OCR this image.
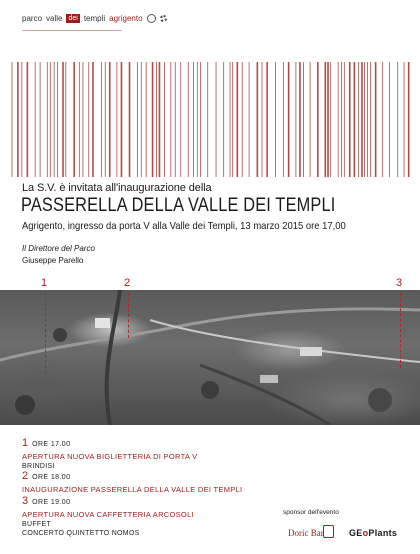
parco valle dei templi agrigento
La S.V. è invitata all'inaugurazione della
PASSERELLA DELLA VALLE DEI TEMPLI
Agrigento, ingresso da porta V alla Valle dei Templi, 13 marzo 2015 ore 17,00
Il Direttore del Parco
Giuseppe Parello
1	2	3
1 ORE 17.00
APERTURA NUOVA BIGLIETTERIA DI PORTA V
BRINDISI
2 ORE 18.00
INAUGURAZIONE PASSERELLA DELLA VALLE DEI TEMPLI
3 ORE 19.00
APERTURA NUOVA CAFFETTERIA ARCOSOLI
BUFFET
CONCERTO QUINTETTO NOMOS
sponsor dell'evento
Doric Bar	GEoPlants
